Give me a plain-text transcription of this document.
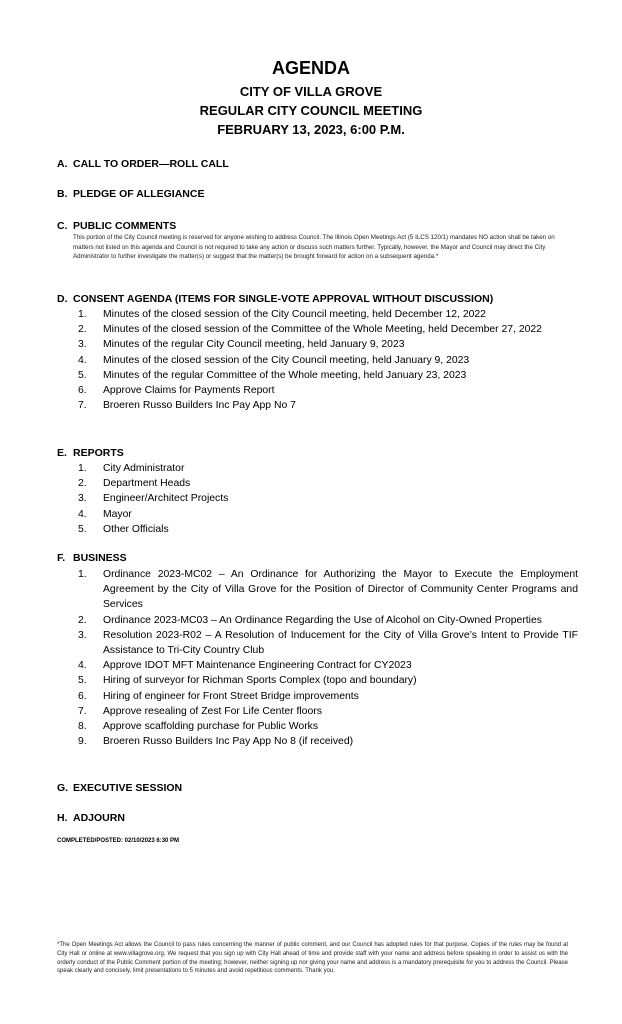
AGENDA
CITY OF VILLA GROVE
REGULAR CITY COUNCIL MEETING
FEBRUARY 13, 2023, 6:00 P.M.
A. CALL TO ORDER—ROLL CALL
B. PLEDGE OF ALLEGIANCE
C. PUBLIC COMMENTS
This portion of the City Council meeting is reserved for anyone wishing to address Council. The Illinois Open Meetings Act (5 ILCS 120/1) mandates NO action shall be taken on matters not listed on this agenda and Council is not required to take any action or discuss such matters further. Typically, however, the Mayor and Council may direct the City Administrator to further investigate the matter(s) or suggest that the matter(s) be brought forward for action on a subsequent agenda.*
D. CONSENT AGENDA (ITEMS FOR SINGLE-VOTE APPROVAL WITHOUT DISCUSSION)
1. Minutes of the closed session of the City Council meeting, held December 12, 2022
2. Minutes of the closed session of the Committee of the Whole Meeting, held December 27, 2022
3. Minutes of the regular City Council meeting, held January 9, 2023
4. Minutes of the closed session of the City Council meeting, held January 9, 2023
5. Minutes of the regular Committee of the Whole meeting, held January 23, 2023
6. Approve Claims for Payments Report
7. Broeren Russo Builders Inc Pay App No 7
E. REPORTS
1. City Administrator
2. Department Heads
3. Engineer/Architect Projects
4. Mayor
5. Other Officials
F. BUSINESS
1. Ordinance 2023-MC02 – An Ordinance for Authorizing the Mayor to Execute the Employment Agreement by the City of Villa Grove for the Position of Director of Community Center Programs and Services
2. Ordinance 2023-MC03 – An Ordinance Regarding the Use of Alcohol on City-Owned Properties
3. Resolution 2023-R02 – A Resolution of Inducement for the City of Villa Grove’s Intent to Provide TIF Assistance to Tri-City Country Club
4. Approve IDOT MFT Maintenance Engineering Contract for CY2023
5. Hiring of surveyor for Richman Sports Complex (topo and boundary)
6. Hiring of engineer for Front Street Bridge improvements
7. Approve resealing of Zest For Life Center floors
8. Approve scaffolding purchase for Public Works
9. Broeren Russo Builders Inc Pay App No 8 (if received)
G. EXECUTIVE SESSION
H. ADJOURN
COMPLETED/POSTED: 02/10/2023 6:30 PM
*The Open Meetings Act allows the Council to pass rules concerning the manner of public comment, and our Council has adopted rules for that purpose. Copies of the rules may be found at City Hall or online at www.villagrove.org. We request that you sign up with City Hall ahead of time and provide staff with your name and address before speaking in order to assist us with the orderly conduct of the Public Comment portion of the meeting; however, neither signing up nor giving your name and address is a mandatory prerequisite for you to address the Council. Please speak clearly and concisely, limit presentations to 5 minutes and avoid repetitious comments. Thank you.
